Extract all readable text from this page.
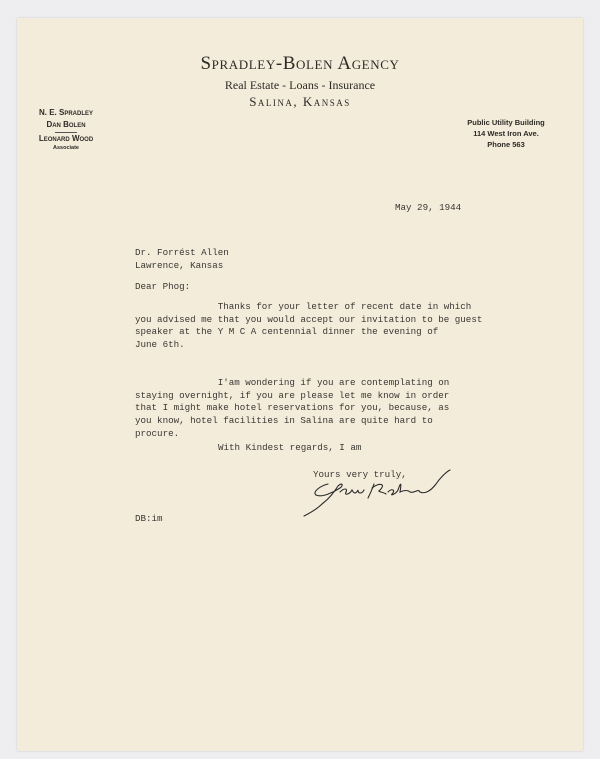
Spradley-Bolen Agency
Real Estate - Loans - Insurance
Salina, Kansas
N. E. Spradley
Dan Bolen
Leonard Wood
Associate
Public Utility Building
114 West Iron Ave.
Phone 563
May 29, 1944
Dr. Forrést Allen
Lawrence, Kansas
Dear Phog:
Thanks for your letter of recent date in which
you advised me that you would accept our invitation to be guest
speaker at the Y M C A centennial dinner the evening of
June 6th.
I'am wondering if you are contemplating on
staying overnight, if you are please let me know in order
that I might make hotel reservations for you, because, as
you know, hotel facilities in Salina are quite hard to
procure.
With Kindest regards, I am
Yours very truly,
DB:im
